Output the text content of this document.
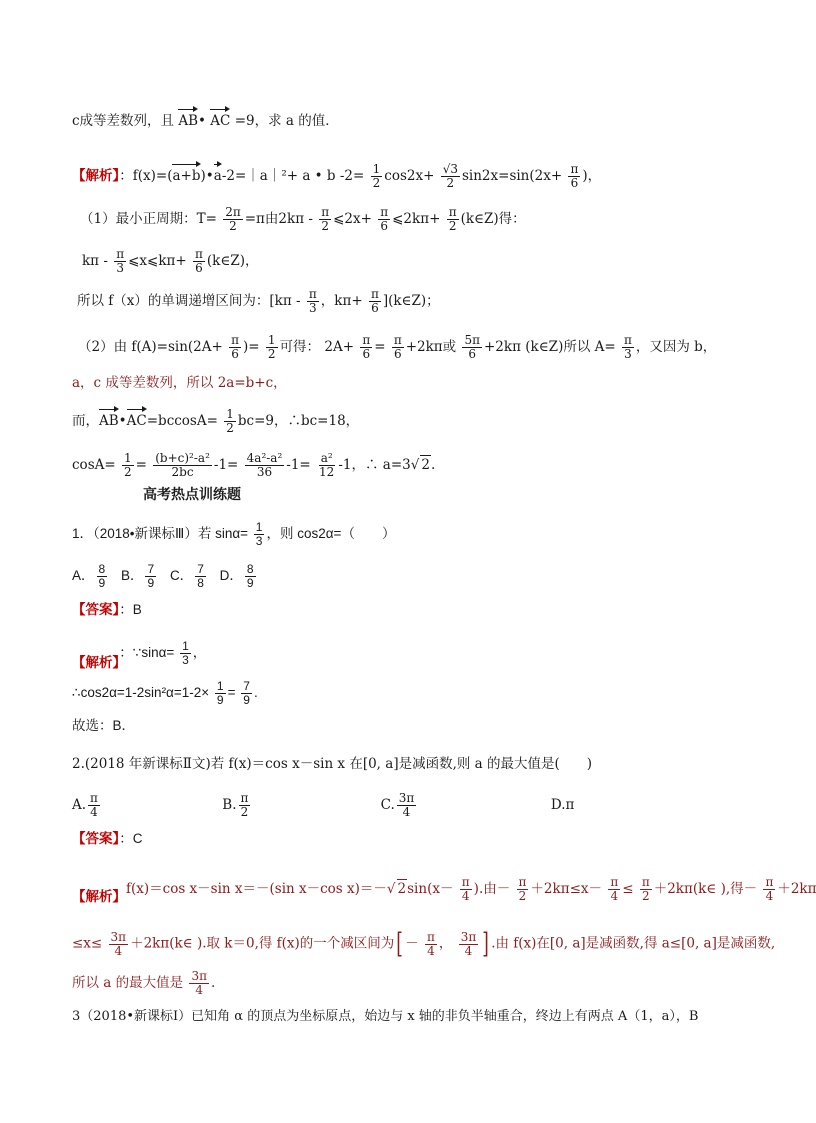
c成等差数列，且 AB• AC =9，求 a 的值．
【解析】：f(x)=(a+b)•a-2=｜a｜²+ a • b $-2= \frac{1}{2} \cos 2x+ \frac{√3}{2} \sin 2x=\sin(2x+ \frac{\pi}{6}$ )，
（1）最小正周期：$T= \frac{2\pi}{2} =\pi$由$2k\pi - \frac{\pi}{2}$ ⩽2x+ $\frac{\pi}{6}$ ⩽2kπ+ $\frac{\pi}{2}$ (k∈Z)得：
kπ - $\frac{\pi}{3}$ ⩽x⩽kπ+ $\frac{\pi}{6}$ (k∈Z)，
所以 f（x）的单调递增区间为：[$k\pi - \frac{\pi}{3}$ ，$k\pi+ \frac{\pi}{6}$ ](k∈Z)；
（2）由 $f(A)=\sin(2A+ \frac{\pi}{6}$ )= $\frac{1}{2}$ 可得： $2A+ \frac{\pi}{6} = \frac{\pi}{6} +2k\pi$或 $\frac{5\pi}{6} +2k\pi$ (k∈Z)所以 $A= \frac{\pi}{3}$ ，又因为 b，
a，c 成等差数列，所以 2a=b+c，
而，AB•AC=bccosA= $\frac{1}{2} bc=9$，∴bc=18，
$\cos A= \frac{1}{2} = \frac{\text{(b+c)²-a²}}{2bc} -1= \frac{\text{4a²-a²}}{36} -1= \frac{\text{a²}}{12} -1$，∴ a=3√ 2.
高考热点训练题
1．（2018•新课标Ⅲ）若 $\sin\alpha= \frac{1}{3}$ ，则 cos2α=（　　）
A． $\frac{8}{9}$ B． $\frac{7}{9}$ C． $\frac{7}{8}$ D． $\frac{8}{9}$
【答案】：B
【解析】：∵sinα= $\frac{1}{3}$ ，
∴cos2α=1-2sin²α=1-2× $\frac{1}{9} = \frac{7}{9}$ .
故选：B．
2.(2018 年新课标Ⅱ文)若 f(x)＝cos x－sin x 在[0, a]是减函数,则 a 的最大值是(　　)
A. $\frac{\pi}{4}$	B. $\frac{\pi}{2}$	C. $\frac{3\pi}{4}$	D.π
【答案】：C
【解析】f(x)＝cos x－sin x＝－(sin x－cos x)＝－√ $2\sin(x- \frac{\pi}{4}$ ).由－ $\frac{\pi}{2} +2k\pi\le x- \frac{\pi}{4} \le \frac{\pi}{2}$ ＋2kπ(k∈ ),得－ $\frac{\pi}{4} +2k\pi$
$\le x\le \frac{3\pi}{4}$ ＋2kπ(k∈ ).取 k＝0,得 f(x)的一个减区间为[ － $\frac{\pi}{4}$ ， $\frac{3\pi}{4}$ ] .由 f(x)在[0, a]是减函数,得 a≤[0, a]是减函数,
所以 a 的最大值是 $\frac{3\pi}{4}$ .
3（2018•新课标Ⅰ）已知角 α 的顶点为坐标原点，始边与 x 轴的非负半轴重合，终边上有两点 A（1，a），B
